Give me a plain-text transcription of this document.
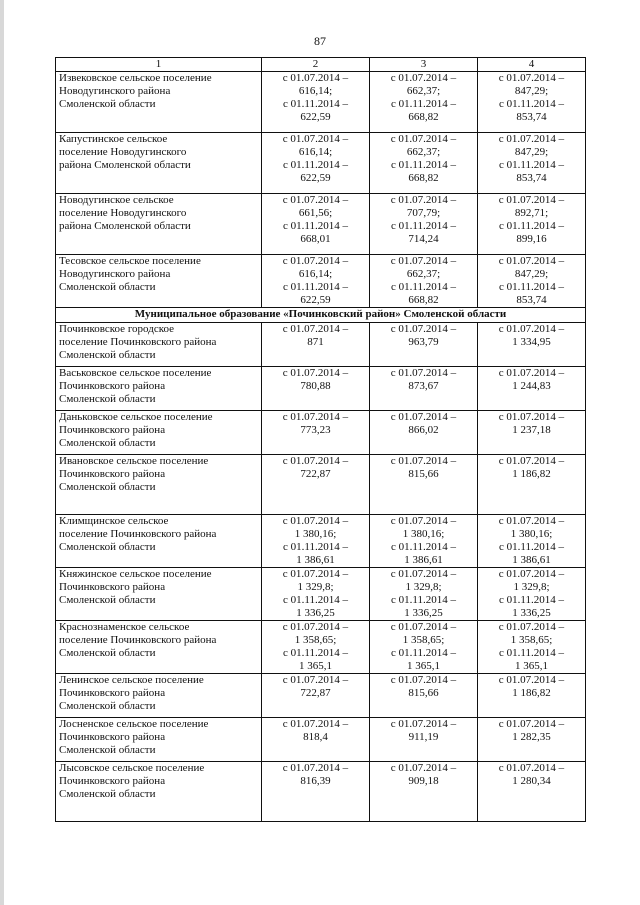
87
1	2	3	4

Извековское сельское поселение
Новодугинского района
Смоленской области	с 01.07.2014 –
616,14;
с 01.11.2014 –
622,59	с 01.07.2014 –
662,37;
с 01.11.2014 –
668,82	с 01.07.2014 –
847,29;
с 01.11.2014 –
853,74

Капустинское сельское
поселение Новодугинского
района Смоленской области	с 01.07.2014 –
616,14;
с 01.11.2014 –
622,59	с 01.07.2014 –
662,37;
с 01.11.2014 –
668,82	с 01.07.2014 –
847,29;
с 01.11.2014 –
853,74

Новодугинское сельское
поселение Новодугинского
района Смоленской области	с 01.07.2014 –
661,56;
с 01.11.2014 –
668,01	с 01.07.2014 –
707,79;
с 01.11.2014 –
714,24	с 01.07.2014 –
892,71;
с 01.11.2014 –
899,16

Тесовское сельское поселение
Новодугинского района
Смоленской области	с 01.07.2014 –
616,14;
с 01.11.2014 –
622,59	с 01.07.2014 –
662,37;
с 01.11.2014 –
668,82	с 01.07.2014 –
847,29;
с 01.11.2014 –
853,74

Муниципальное образование «Починковский район» Смоленской области			

Починковское городское
поселение Починковского района
Смоленской области	с 01.07.2014 –
871	с 01.07.2014 –
963,79	с 01.07.2014 –
1 334,95

Васьковское сельское поселение
Починковского района
Смоленской области	с 01.07.2014 –
780,88	с 01.07.2014 –
873,67	с 01.07.2014 –
1 244,83

Даньковское сельское поселение
Починковского района
Смоленской области	с 01.07.2014 –
773,23	с 01.07.2014 –
866,02	с 01.07.2014 –
1 237,18

Ивановское сельское поселение
Починковского района
Смоленской области	с 01.07.2014 –
722,87	с 01.07.2014 –
815,66	с 01.07.2014 –
1 186,82

Климщинское сельское
поселение Починковского района
Смоленской области	с 01.07.2014 –
1 380,16;
с 01.11.2014 –
1 386,61	с 01.07.2014 –
1 380,16;
с 01.11.2014 –
1 386,61	с 01.07.2014 –
1 380,16;
с 01.11.2014 –
1 386,61

Княжинское сельское поселение
Починковского района
Смоленской области	с 01.07.2014 –
1 329,8;
с 01.11.2014 –
1 336,25	с 01.07.2014 –
1 329,8;
с 01.11.2014 –
1 336,25	с 01.07.2014 –
1 329,8;
с 01.11.2014 –
1 336,25

Краснознаменское сельское
поселение Починковского района
Смоленской области	с 01.07.2014 –
1 358,65;
с 01.11.2014 –
1 365,1	с 01.07.2014 –
1 358,65;
с 01.11.2014 –
1 365,1	с 01.07.2014 –
1 358,65;
с 01.11.2014 –
1 365,1

Ленинское сельское поселение
Починковского района
Смоленской области	с 01.07.2014 –
722,87	с 01.07.2014 –
815,66	с 01.07.2014 –
1 186,82

Лосненское сельское поселение
Починковского района
Смоленской области	с 01.07.2014 –
818,4	с 01.07.2014 –
911,19	с 01.07.2014 –
1 282,35

Лысовское сельское поселение
Починковского района
Смоленской области	с 01.07.2014 –
816,39	с 01.07.2014 –
909,18	с 01.07.2014 –
1 280,34
